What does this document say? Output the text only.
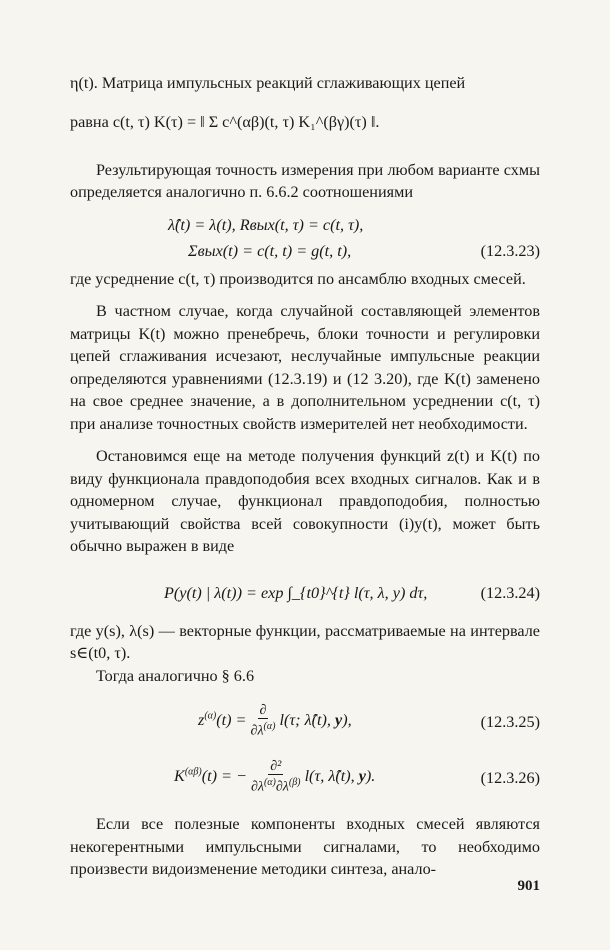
η(t). Матрица импульсных реакций сглаживающих цепей

равна c(t, τ) K(τ) = ‖ Σ c^(αβ)(t, τ) K₁^(βγ)(τ) ‖.

Результирующая точность измерения при любом варианте схмы определяется аналогично п. 6.6.2 соотношениями

λ̂(t) = λ(t), Rвых(t, τ) = c(t, τ),
Σвых(t) = c(t, t) = g(t, t),	(12.3.23)

где усреднение c(t, τ) производится по ансамблю входных смесей.

В частном случае, когда случайной составляющей элементов матрицы K(t) можно пренебречь, блоки точности и регулировки цепей сглаживания исчезают, неслучайные импульсные реакции определяются уравнениями (12.3.19) и (12 3.20), где K(t) заменено на свое среднее значение, а в дополнительном усреднении c(t, τ) при анализе точностных свойств измерителей нет необходимости.

Остановимся еще на методе получения функций z(t) и K(t) по виду функционала правдоподобия всех входных сигналов. Как и в одномерном случае, функционал правдоподобия, полностью учитывающий свойства всей совокупности (i)y(t), может быть обычно выражен в виде

P(y(t) | λ(t)) = exp ∫_{t0}^{t} l(τ, λ, y) dτ,	(12.3.24)

где y(s), λ(s) — векторные функции, рассматриваемые на интервале s∈(t0, τ).

Тогда аналогично § 6.6

$z^{(\alpha)}(t)$ = ∂
$\partial\lambda^{(\alpha)}$ l(τ; λ̂(t), y),	(12.3.25)
$K^{(\alpha\beta)}(t)$ = − ∂²
$\partial\lambda^{(\alpha)}\partial\lambda^{(\beta)}$ l(τ, λ̂(t), y).	(12.3.26)

Если все полезные компоненты входных смесей являются некогерентными импульсными сигналами, то необходимо произвести видоизменение методики синтеза, анало-

901
